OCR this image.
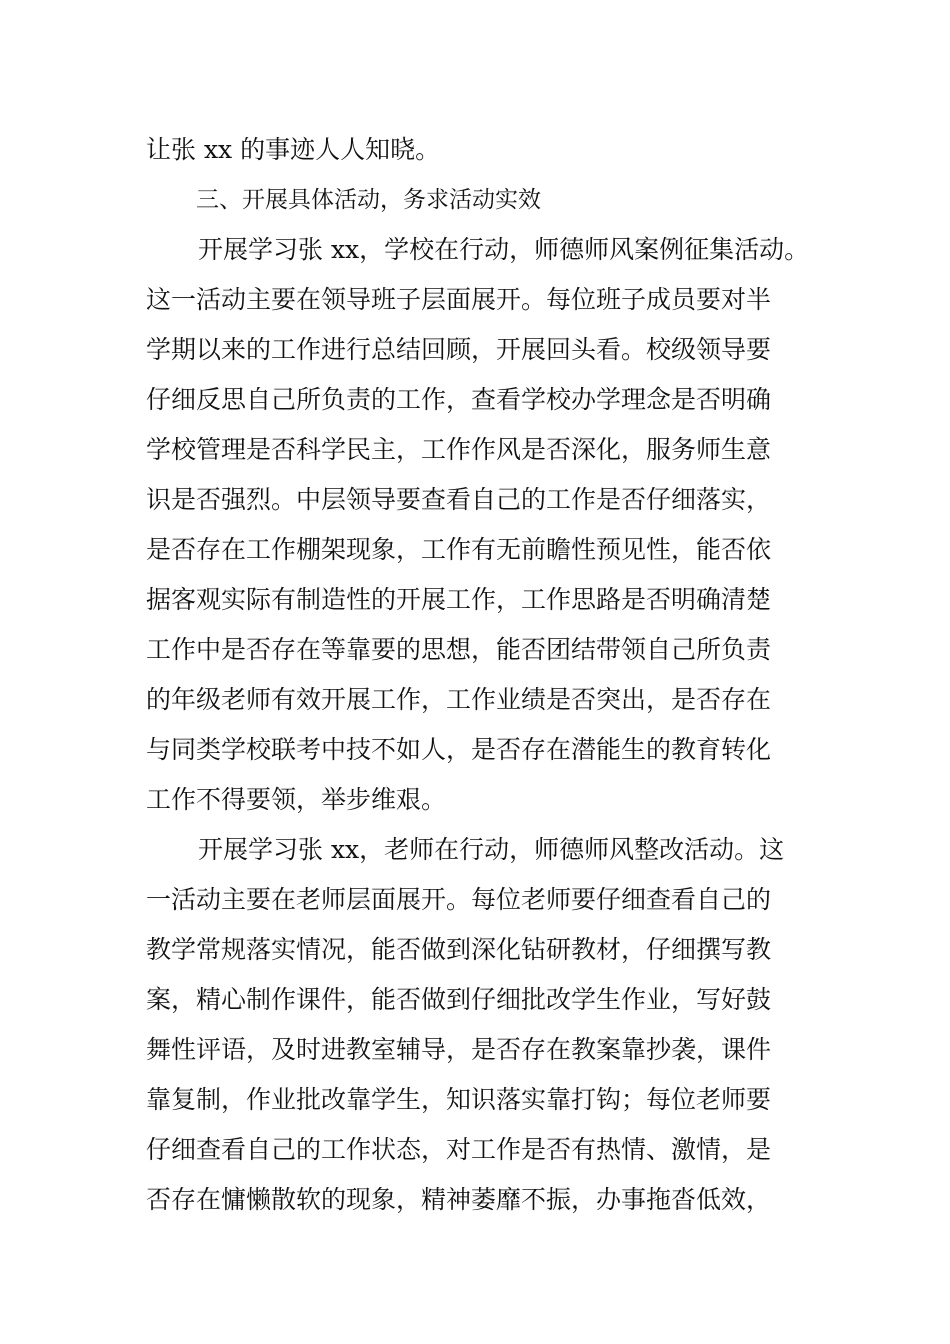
让张 xx 的事迹人人知晓。
三、开展具体活动，务求活动实效
开展学习张 xx，学校在行动，师德师风案例征集活动。
这一活动主要在领导班子层面展开。每位班子成员要对半
学期以来的工作进行总结回顾，开展回头看。校级领导要
仔细反思自己所负责的工作，查看学校办学理念是否明确
学校管理是否科学民主，工作作风是否深化，服务师生意
识是否强烈。中层领导要查看自己的工作是否仔细落实，
是否存在工作棚架现象，工作有无前瞻性预见性，能否依
据客观实际有制造性的开展工作，工作思路是否明确清楚
工作中是否存在等靠要的思想，能否团结带领自己所负责
的年级老师有效开展工作，工作业绩是否突出，是否存在
与同类学校联考中技不如人，是否存在潜能生的教育转化
工作不得要领，举步维艰。
开展学习张 xx，老师在行动，师德师风整改活动。这
一活动主要在老师层面展开。每位老师要仔细查看自己的
教学常规落实情况，能否做到深化钻研教材，仔细撰写教
案，精心制作课件，能否做到仔细批改学生作业，写好鼓
舞性评语，及时进教室辅导，是否存在教案靠抄袭，课件
靠复制，作业批改靠学生，知识落实靠打钩；每位老师要
仔细查看自己的工作状态，对工作是否有热情、激情，是
否存在慵懒散软的现象，精神萎靡不振，办事拖沓低效，
